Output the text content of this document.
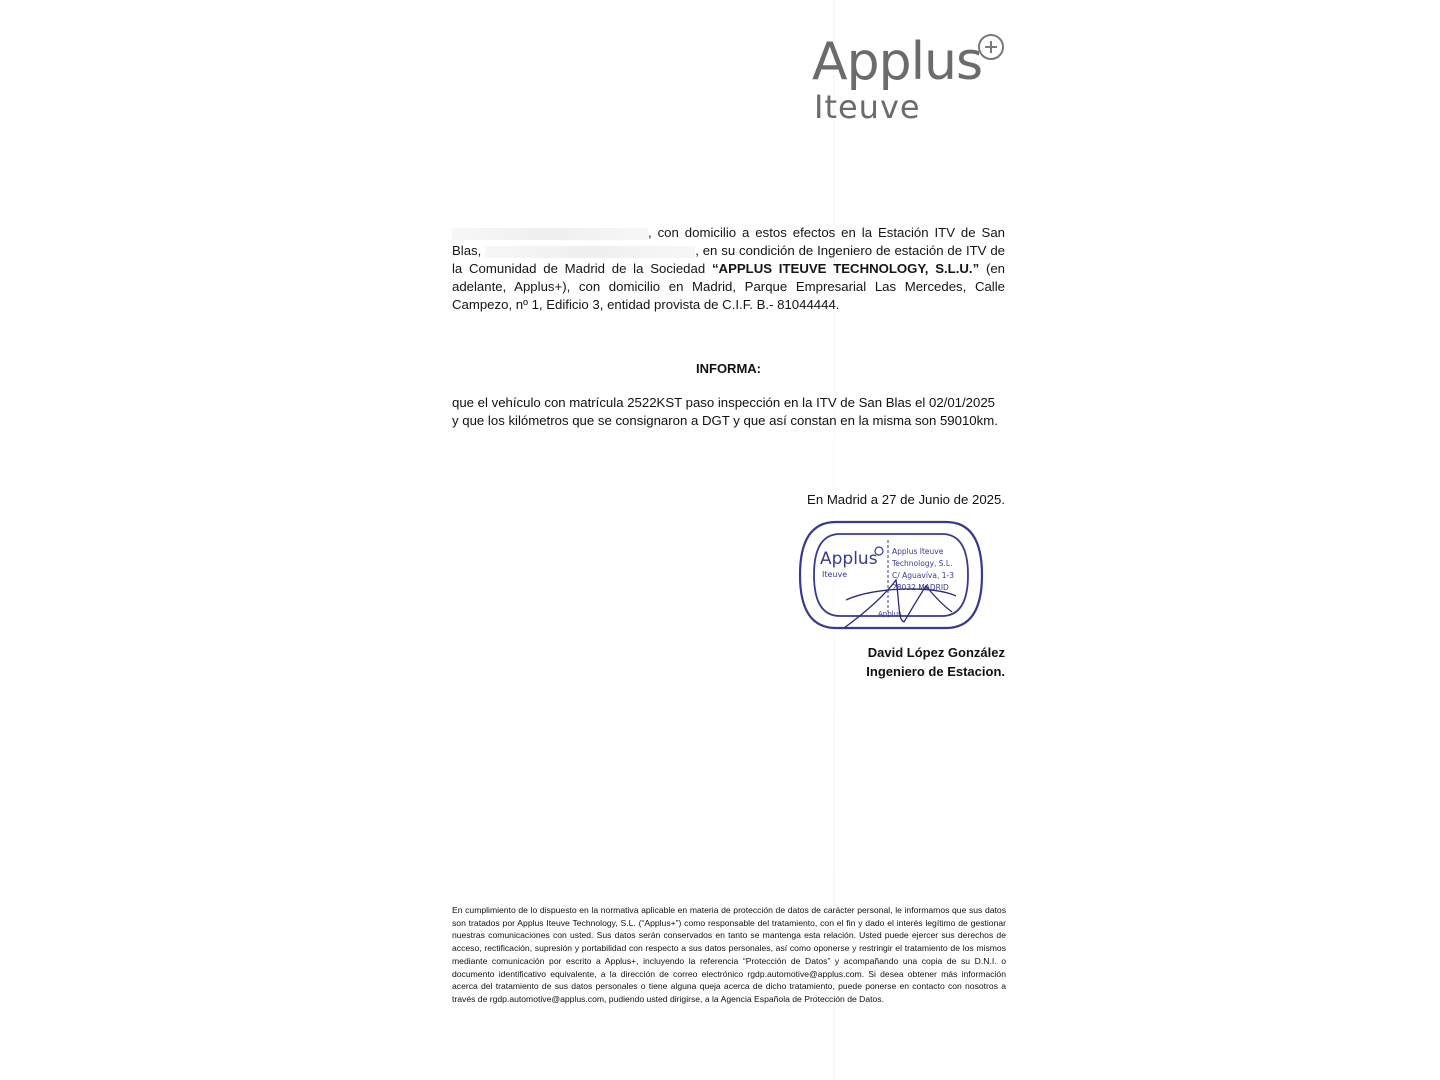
Applus
Iteuve
, con domicilio a estos efectos en la Estación ITV de San Blas,	, en su condición de Ingeniero de estación de ITV de la Comunidad de Madrid de la Sociedad “APPLUS ITEUVE TECHNOLOGY, S.L.U.” (en adelante, Applus+), con domicilio en Madrid, Parque Empresarial Las Mercedes, Calle Campezo, nº 1, Edificio 3, entidad provista de C.I.F. B.- 81044444.
INFORMA:
que el vehículo con matrícula 2522KST paso inspección en la ITV de San Blas el 02/01/2025 y que los kilómetros que se consignaron a DGT y que así constan en la misma son 59010km.
En Madrid a 27 de Junio de 2025.
Applus
Iteuve
Applus Iteuve
Technology, S.L.
C/ Aguavíva, 1-3
28032 MADRID
Applus
David López González
Ingeniero de Estacion.
En cumplimiento de lo dispuesto en la normativa aplicable en materia de protección de datos de carácter personal, le informamos que sus datos son tratados por Applus Iteuve Technology, S.L. (“Applus+”) como responsable del tratamiento, con el fin y dado el interés legítimo de gestionar nuestras comunicaciones con usted. Sus datos serán conservados en tanto se mantenga esta relación. Usted puede ejercer sus derechos de acceso, rectificación, supresión y portabilidad con respecto a sus datos personales, así como oponerse y restringir el tratamiento de los mismos mediante comunicación por escrito a Applus+, incluyendo la referencia “Protección de Datos” y acompañando una copia de su D.N.I. o documento identificativo equivalente, a la dirección de correo electrónico rgdp.automotive@applus.com. Si desea obtener más información acerca del tratamiento de sus datos personales o tiene alguna queja acerca de dicho tratamiento, puede ponerse en contacto con nosotros a través de rgdp.automotive@applus.com, pudiendo usted dirigirse, a la Agencia Española de Protección de Datos.
